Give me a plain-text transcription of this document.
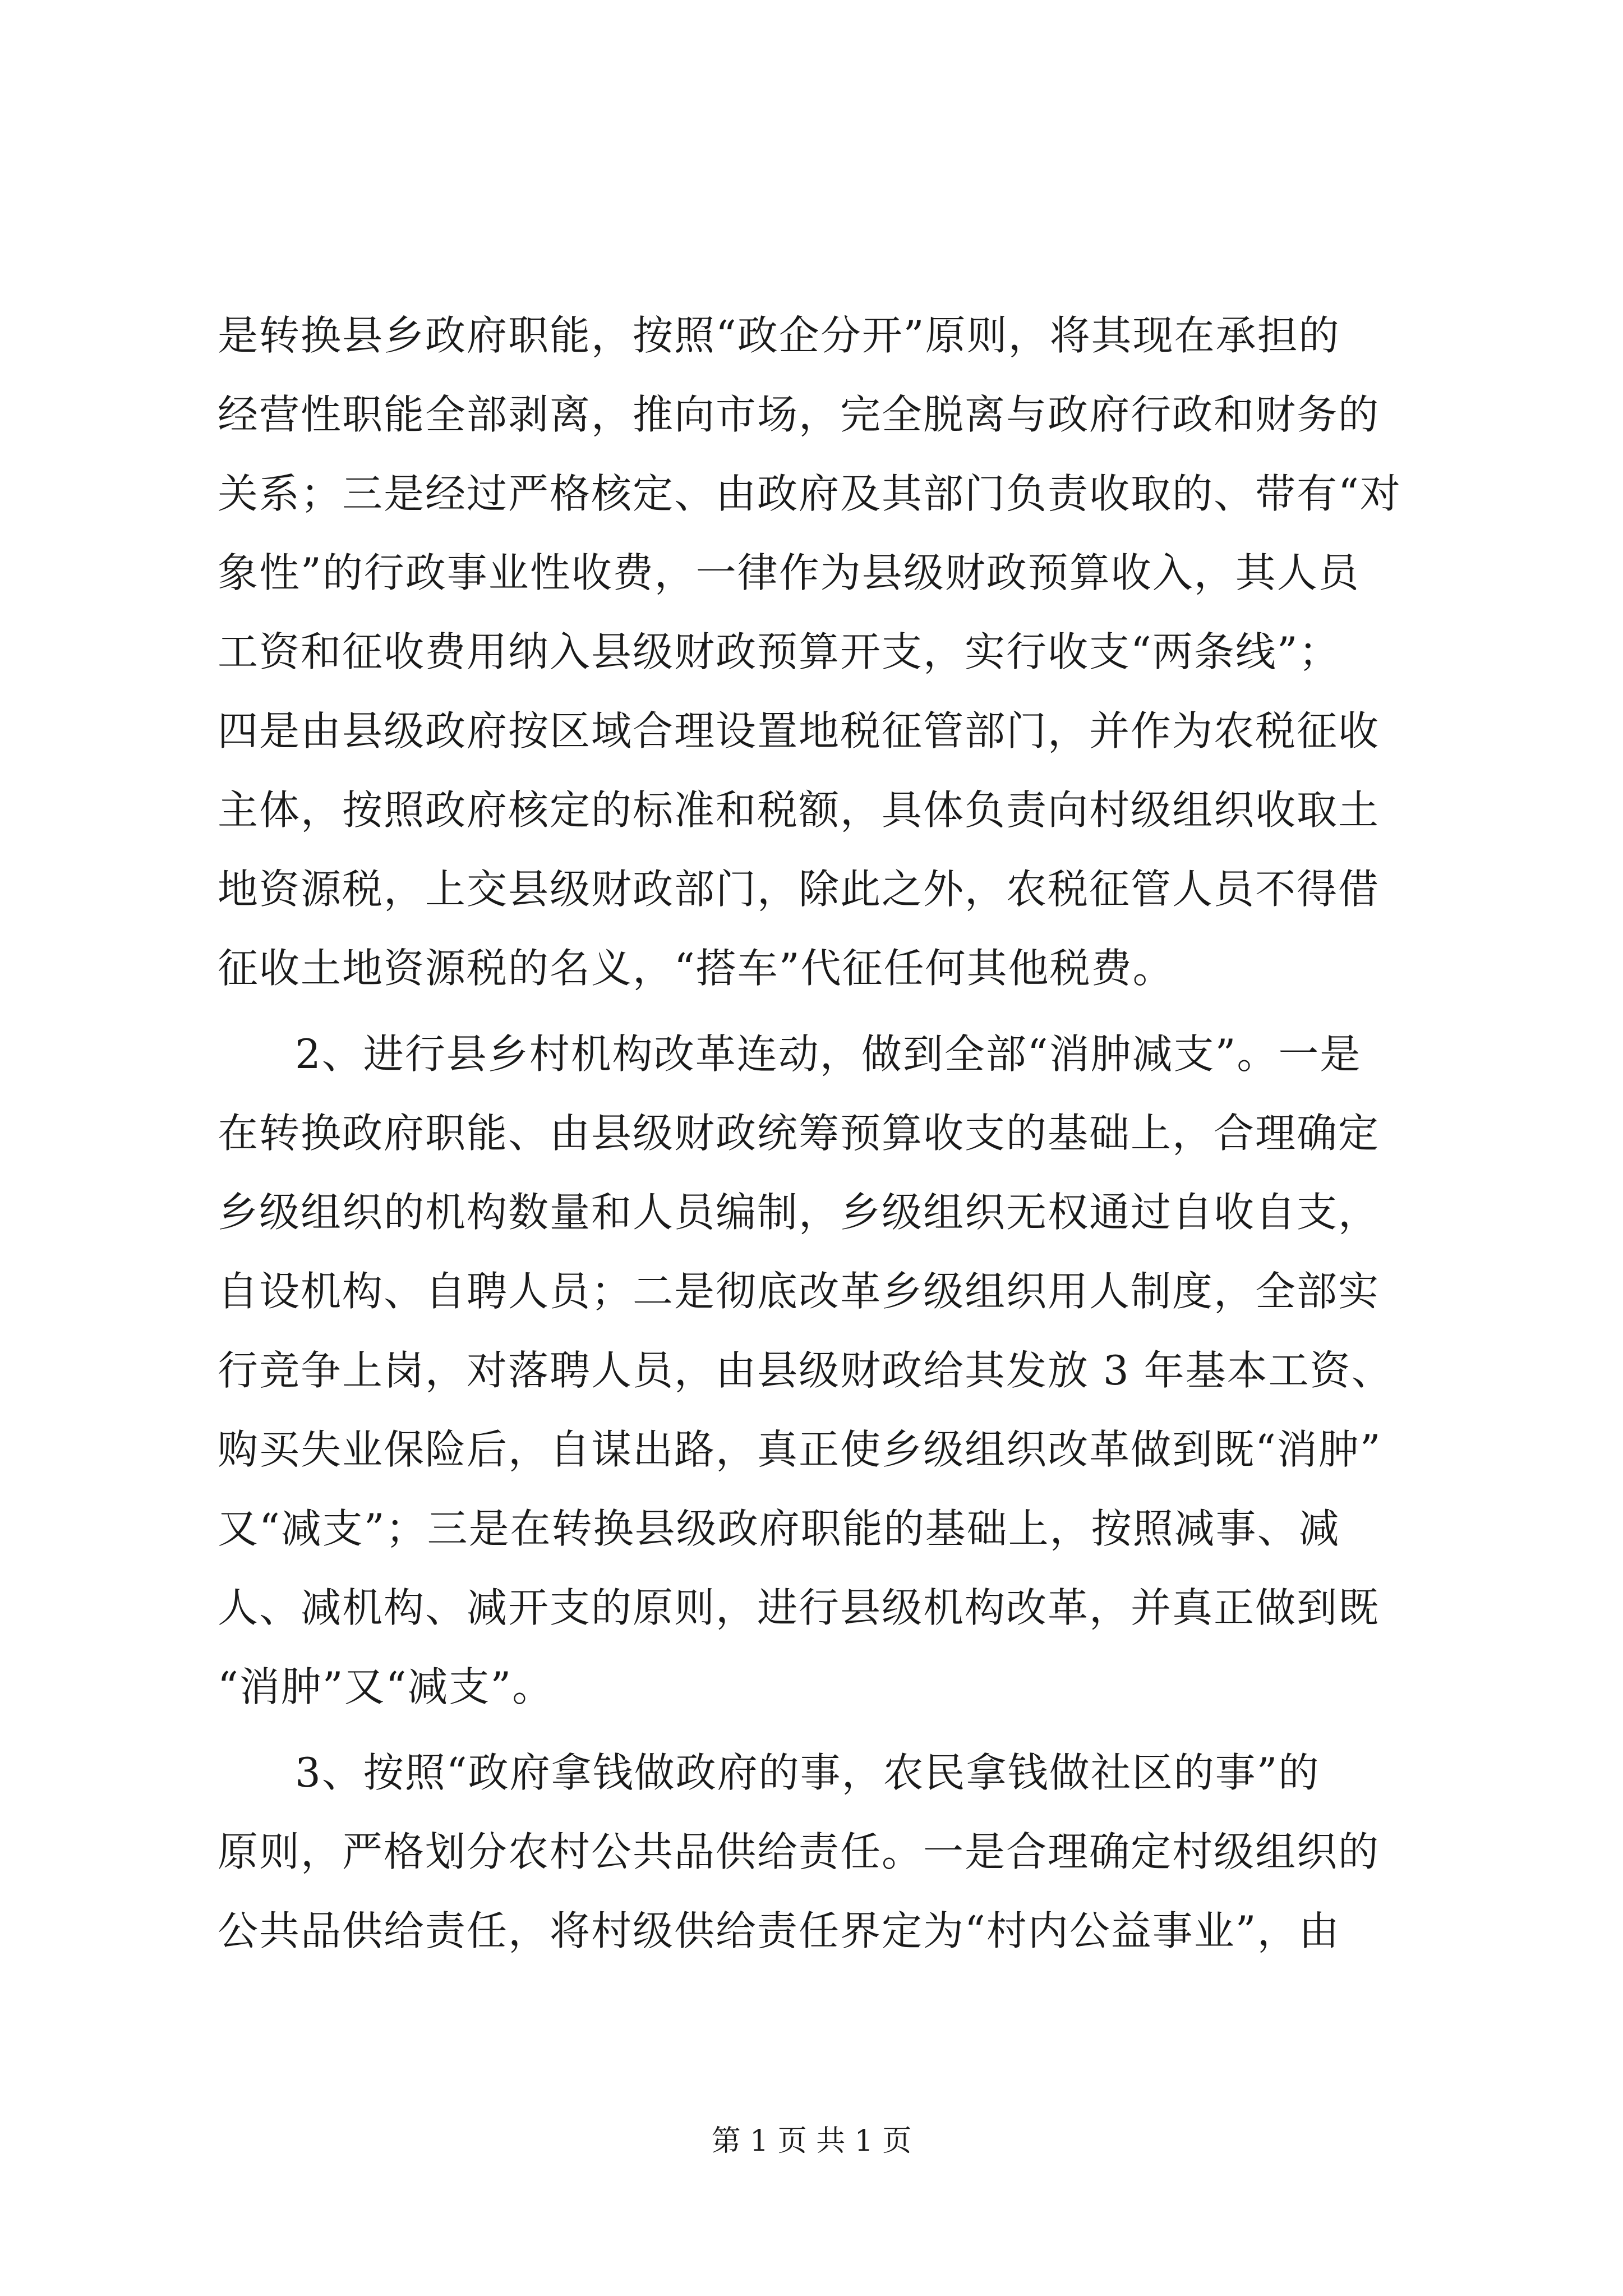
是转换县乡政府职能，按照“政企分开”原则，将其现在承担的
经营性职能全部剥离，推向市场，完全脱离与政府行政和财务的
关系；三是经过严格核定、由政府及其部门负责收取的、带有“对
象性”的行政事业性收费，一律作为县级财政预算收入，其人员
工资和征收费用纳入县级财政预算开支，实行收支“两条线”；
四是由县级政府按区域合理设置地税征管部门，并作为农税征收
主体，按照政府核定的标准和税额，具体负责向村级组织收取土
地资源税，上交县级财政部门，除此之外，农税征管人员不得借
征收土地资源税的名义，“搭车”代征任何其他税费。
2、进行县乡村机构改革连动，做到全部“消肿减支”。一是
在转换政府职能、由县级财政统筹预算收支的基础上，合理确定
乡级组织的机构数量和人员编制，乡级组织无权通过自收自支，
自设机构、自聘人员；二是彻底改革乡级组织用人制度，全部实
行竞争上岗，对落聘人员，由县级财政给其发放 3 年基本工资、
购买失业保险后，自谋出路，真正使乡级组织改革做到既“消肿”
又“减支”；三是在转换县级政府职能的基础上，按照减事、减
人、减机构、减开支的原则，进行县级机构改革，并真正做到既
“消肿”又“减支”。
3、按照“政府拿钱做政府的事，农民拿钱做社区的事”的
原则，严格划分农村公共品供给责任。一是合理确定村级组织的
公共品供给责任，将村级供给责任界定为“村内公益事业”，由
第 1 页 共 1 页
